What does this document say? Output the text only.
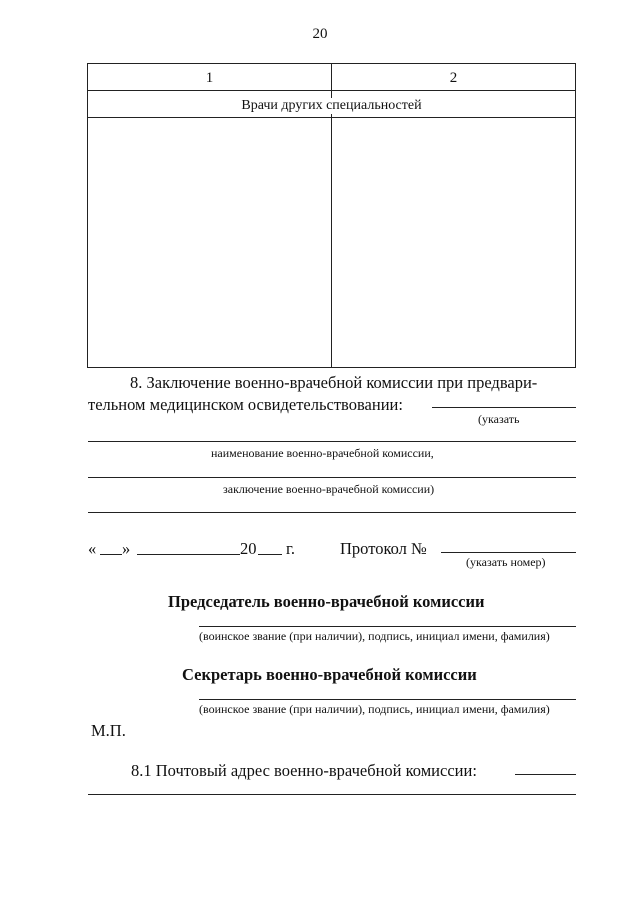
20
1	2
Врачи других специальностей
8. Заключение военно-врачебной комиссии при предвари-
тельном медицинском освидетельствовании:
(указать
наименование военно-врачебной комиссии,
заключение военно-врачебной комиссии)
« »	20 г.	Протокол №
(указать номер)
Председатель военно-врачебной комиссии
(воинское звание (при наличии), подпись, инициал имени, фамилия)
Секретарь военно-врачебной комиссии
(воинское звание (при наличии), подпись, инициал имени, фамилия)
М.П.
8.1 Почтовый адрес военно-врачебной комиссии:
